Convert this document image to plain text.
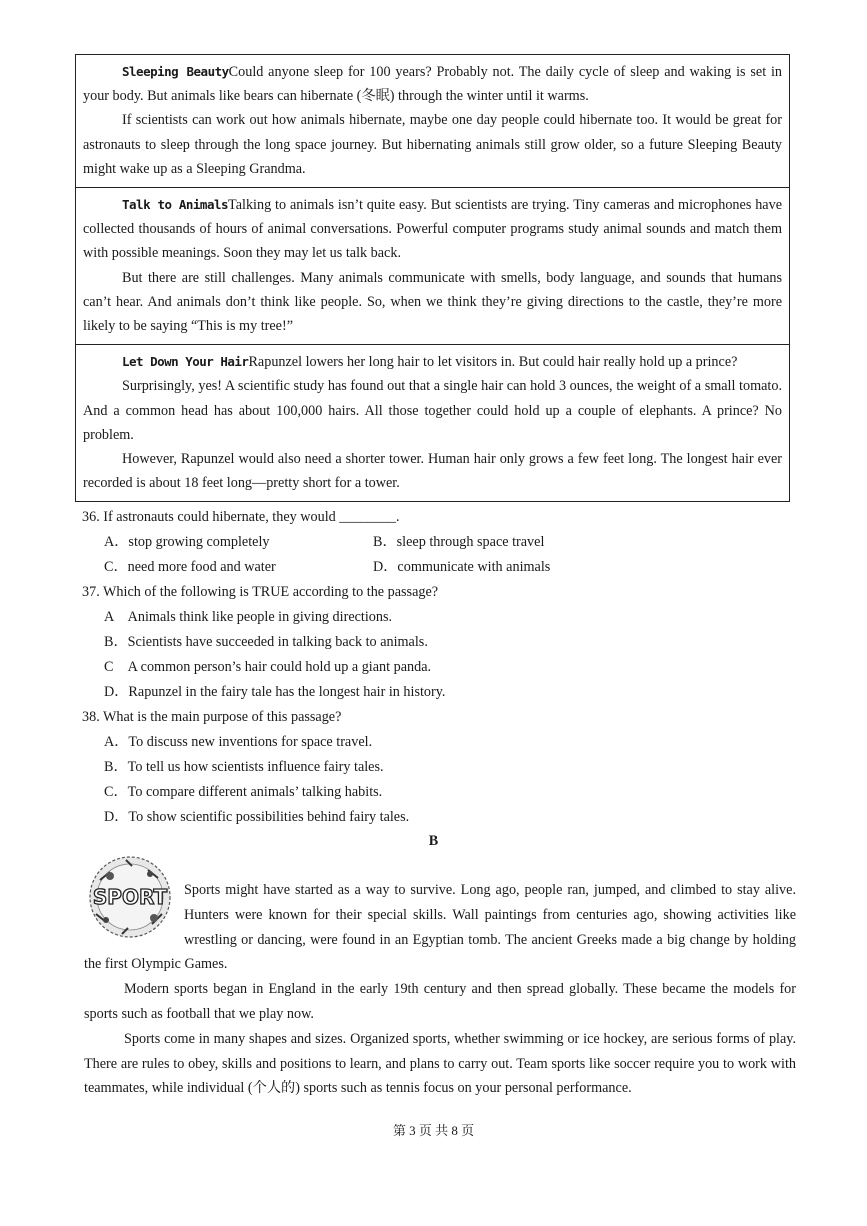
Sleeping BeautyCould anyone sleep for 100 years? Probably not. The daily cycle of sleep and waking is set in your body. But animals like bears can hibernate (冬眠) through the winter until it warms.

If scientists can work out how animals hibernate, maybe one day people could hibernate too. It would be great for astronauts to sleep through the long space journey. But hibernating animals still grow older, so a future Sleeping Beauty might wake up as a Sleeping Grandma.

Talk to AnimalsTalking to animals isn’t quite easy. But scientists are trying. Tiny cameras and microphones have collected thousands of hours of animal conversations. Powerful computer programs study animal sounds and match them with possible meanings. Soon they may let us talk back.

But there are still challenges. Many animals communicate with smells, body language, and sounds that humans can’t hear. And animals don’t think like people. So, when we think they’re giving directions to the castle, they’re more likely to be saying “This is my tree!”

Let Down Your HairRapunzel lowers her long hair to let visitors in. But could hair really hold up a prince?

Surprisingly, yes! A scientific study has found out that a single hair can hold 3 ounces, the weight of a small tomato. And a common head has about 100,000 hairs. All those together could hold up a couple of elephants. A prince? No problem.

However, Rapunzel would also need a shorter tower. Human hair only grows a few feet long. The longest hair ever recorded is about 18 feet long—pretty short for a tower.

36. If astronauts could hibernate, they would ________.
A．stop growing completely	B．sleep through space travel
C．need more food and water	D．communicate with animals
37. Which of the following is TRUE according to the passage?
A　Animals think like people in giving directions.
B．Scientists have succeeded in talking back to animals.
C　A common person’s hair could hold up a giant panda.
D．Rapunzel in the fairy tale has the longest hair in history.
38. What is the main purpose of this passage?
A．To discuss new inventions for space travel.
B．To tell us how scientists influence fairy tales.
C．To compare different animals’ talking habits.
D．To show scientific possibilities behind fairy tales.
B
SPORT	Sports might have started as a way to survive. Long ago, people ran, jumped, and climbed to stay alive. Hunters were known for their special skills. Wall paintings from centuries ago, showing activities like wrestling or dancing, were found in an Egyptian tomb. The ancient Greeks made a big change by holding the first Olympic Games.

Modern sports began in England in the early 19th century and then spread globally. These became the models for sports such as football that we play now.

Sports come in many shapes and sizes. Organized sports, whether swimming or ice hockey, are serious forms of play. There are rules to obey, skills and positions to learn, and plans to carry out. Team sports like soccer require you to work with teammates, while individual (个人的) sports such as tennis focus on your personal performance.

第 3 页 共 8 页
